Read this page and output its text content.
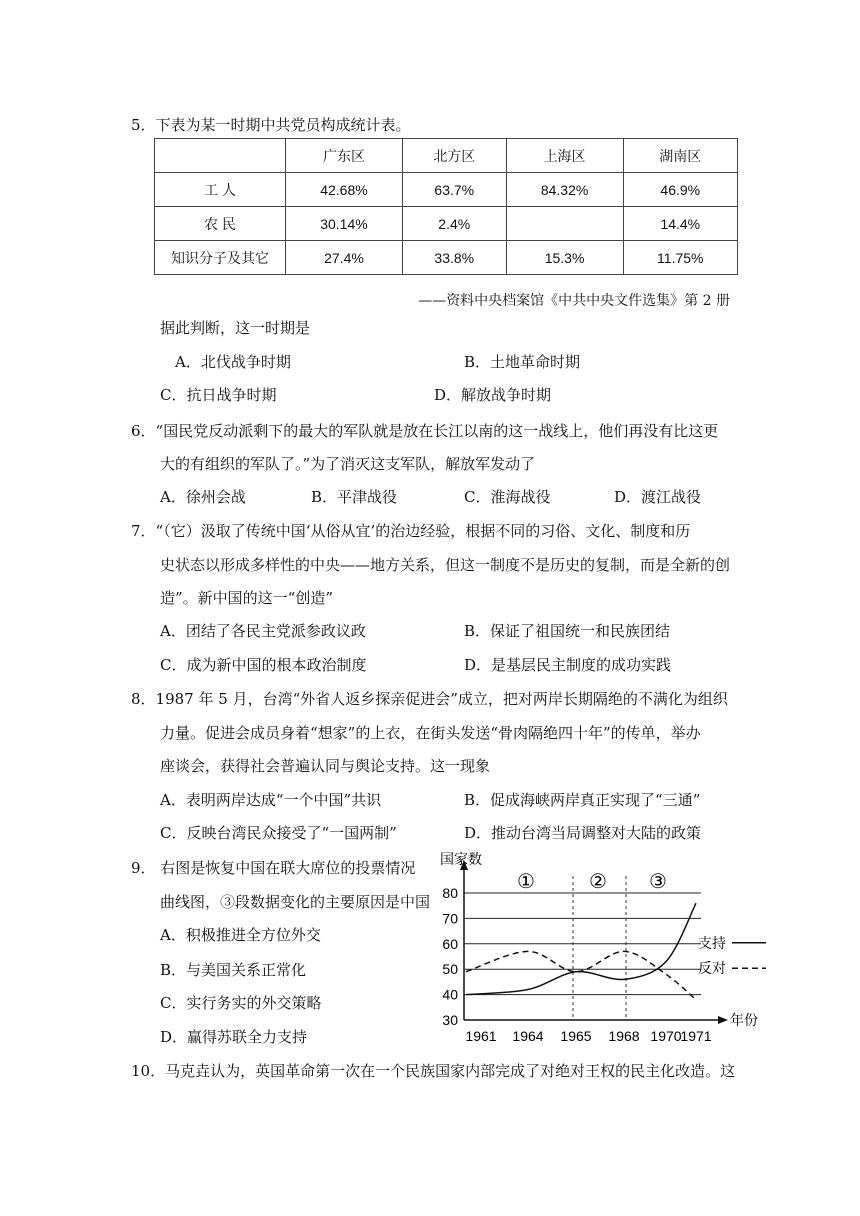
5．下表为某一时期中共党员构成统计表。
	广东区	北方区	上海区	湖南区
工 人	42.68%	63.7%	84.32%	46.9%
农 民	30.14%	2.4%		14.4%
知识分子及其它	27.4%	33.8%	15.3%	11.75%
——资料中央档案馆《中共中央文件选集》第 2 册
据此判断，这一时期是
A．北伐战争时期	B．土地革命时期
C．抗日战争时期	D．解放战争时期
6．“国民党反动派剩下的最大的军队就是放在长江以南的这一战线上，他们再没有比这更
大的有组织的军队了。”为了消灭这支军队，解放军发动了
A．徐州会战	B．平津战役	C．淮海战役	D．渡江战役
7．“（它）汲取了传统中国‘从俗从宜’的治边经验，根据不同的习俗、文化、制度和历
史状态以形成多样性的中央——地方关系，但这一制度不是历史的复制，而是全新的创
造”。新中国的这一“创造”
A．团结了各民主党派参政议政	B．保证了祖国统一和民族团结
C．成为新中国的根本政治制度	D．是基层民主制度的成功实践
8．1987 年 5 月，台湾“外省人返乡探亲促进会”成立，把对两岸长期隔绝的不满化为组织
力量。促进会成员身着“想家”的上衣，在街头发送“骨肉隔绝四十年”的传单，举办
座谈会，获得社会普遍认同与舆论支持。这一现象
A．表明两岸达成“一个中国”共识	B．促成海峡两岸真正实现了“三通”
C．反映台湾民众接受了“一国两制”	D．推动台湾当局调整对大陆的政策
9． 右图是恢复中国在联大席位的投票情况
曲线图，③段数据变化的主要原因是中国
A．积极推进全方位外交
B．与美国关系正常化
C．实行务实的外交策略
D．赢得苏联全力支持
30
40
50
60
70
80
国家数
年份
1961 1964 1965 1968 1970
1971
①	② ③
支持
反对
10．马克垚认为，英国革命第一次在一个民族国家内部完成了对绝对王权的民主化改造。这
